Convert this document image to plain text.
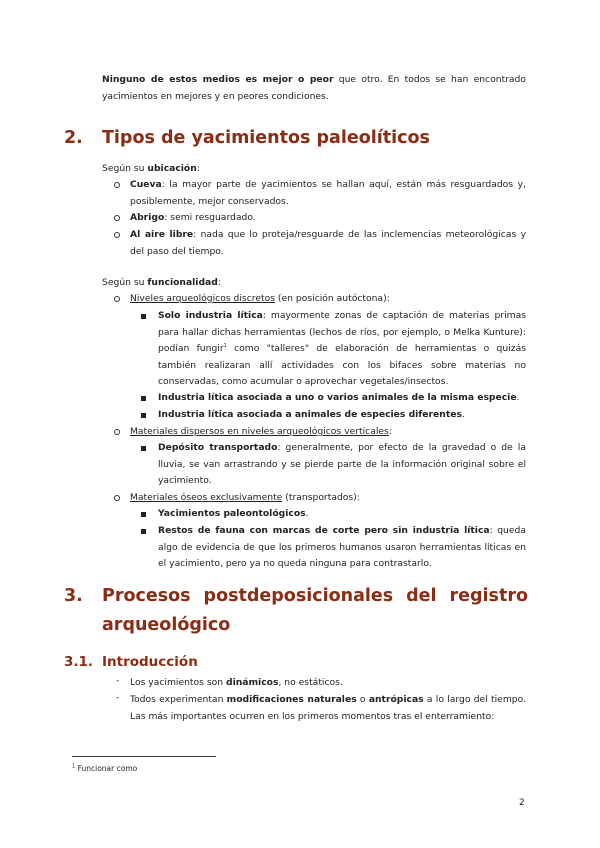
Ninguno de estos medios es mejor o peor que otro. En todos se han encontrado yacimientos en mejores y en peores condiciones.
2. Tipos de yacimientos paleolíticos
Según su ubicación:
Cueva: la mayor parte de yacimientos se hallan aquí, están más resguardados y, posiblemente, mejor conservados.
Abrigo: semi resguardado.
Al aire libre: nada que lo proteja/resguarde de las inclemencias meteorológicas y del paso del tiempo.
Según su funcionalidad:
Niveles arqueológicos discretos (en posición autóctona):
Solo industria lítica: mayormente zonas de captación de materias primas para hallar dichas herramientas (lechos de ríos, por ejemplo, o Melka Kunture): podían fungir$^1$ como "talleres" de elaboración de herramientas o quizás también realizaran allí actividades con los bifaces sobre materias no conservadas, como acumular o aprovechar vegetales/insectos.
Industria lítica asociada a uno o varios animales de la misma especie.
Industria lítica asociada a animales de especies diferentes.
Materiales dispersos en niveles arqueológicos verticales:
Depósito transportado: generalmente, por efecto de la gravedad o de la lluvia, se van arrastrando y se pierde parte de la información original sobre el yacimiento.
Materiales óseos exclusivamente (transportados):
Yacimientos paleontológicos.
Restos de fauna con marcas de corte pero sin industria lítica: queda algo de evidencia de que los primeros humanos usaron herramientas líticas en el yacimiento, pero ya no queda ninguna para contrastarlo.
3. Procesos postdeposicionales del registro
arqueológico
3.1. Introducción
- Los yacimientos son dinámicos, no estáticos.
- Todos experimentan modificaciones naturales o antrópicas a lo largo del tiempo. Las más importantes ocurren en los primeros momentos tras el enterramiento:
$^1$ Funcionar como
2
